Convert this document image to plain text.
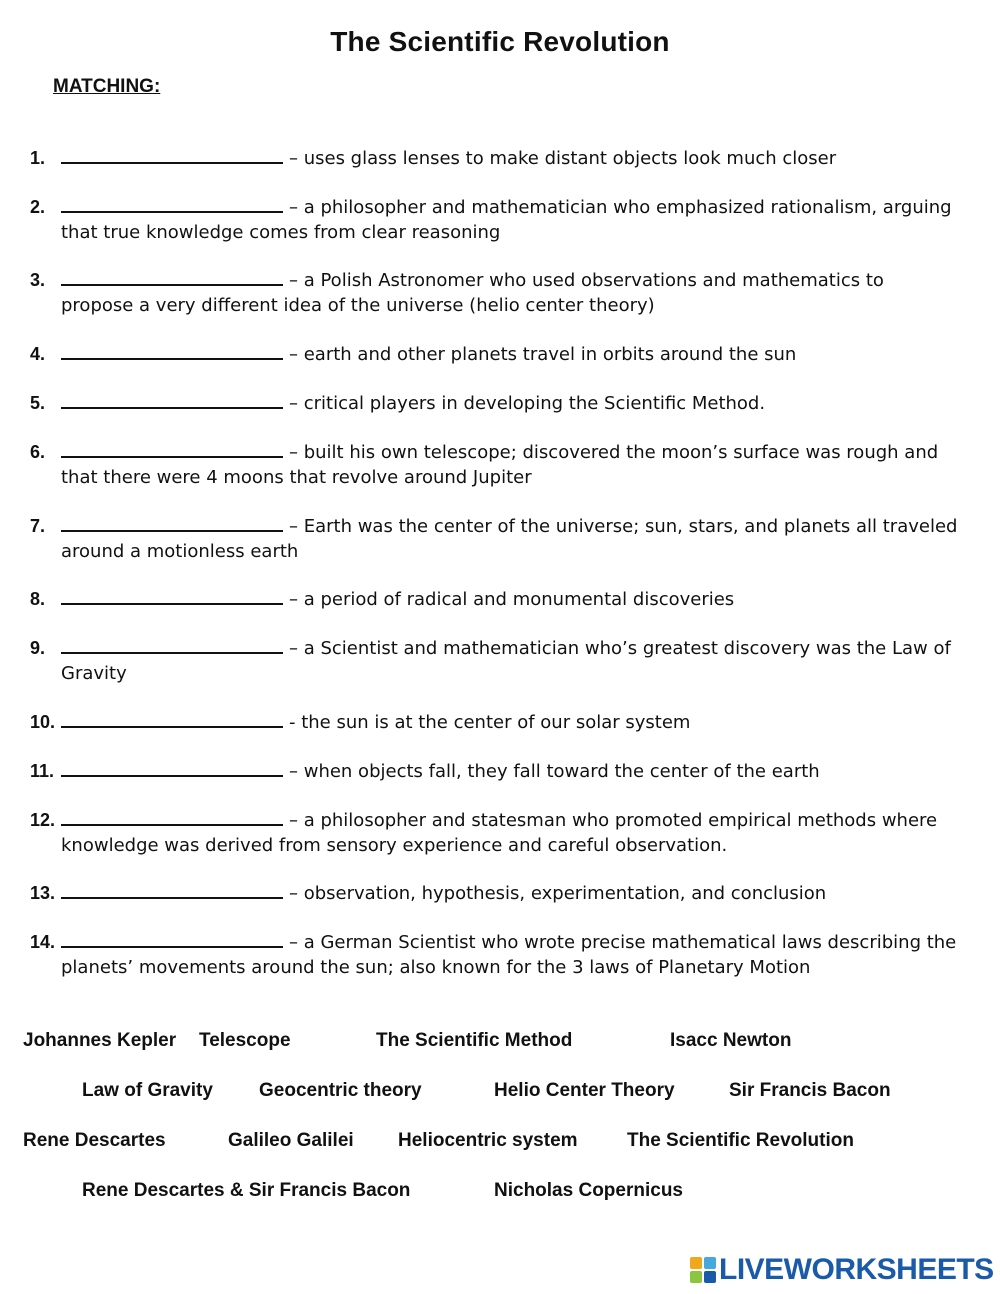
The Scientific Revolution
MATCHING:
1.	– uses glass lenses to make distant objects look much closer
2.	– a philosopher and mathematician who emphasized rationalism, arguing
that true knowledge comes from clear reasoning
3.	– a Polish Astronomer who used observations and mathematics to
propose a very different idea of the universe (helio center theory)
4.	– earth and other planets travel in orbits around the sun
5.	– critical players in developing the Scientific Method.
6.	– built his own telescope; discovered the moon’s surface was rough and
that there were 4 moons that revolve around Jupiter
7.	– Earth was the center of the universe; sun, stars, and planets all traveled
around a motionless earth
8.	– a period of radical and monumental discoveries
9.	– a Scientist and mathematician who’s greatest discovery was the Law of
Gravity
10.	- the sun is at the center of our solar system
11.	– when objects fall, they fall toward the center of the earth
12.	– a philosopher and statesman who promoted empirical methods where
knowledge was derived from sensory experience and careful observation.
13.	– observation, hypothesis, experimentation, and conclusion
14.	– a German Scientist who wrote precise mathematical laws describing the
planets’ movements around the sun; also known for the 3 laws of Planetary Motion
Johannes Kepler Telescope	The Scientific Method	Isacc Newton
Law of Gravity Geocentric theory	Helio Center Theory	Sir Francis Bacon
Rene Descartes	Galileo Galilei Heliocentric system	The Scientific Revolution
Rene Descartes & Sir Francis Bacon	Nicholas Copernicus
LIVEWORKSHEETS
